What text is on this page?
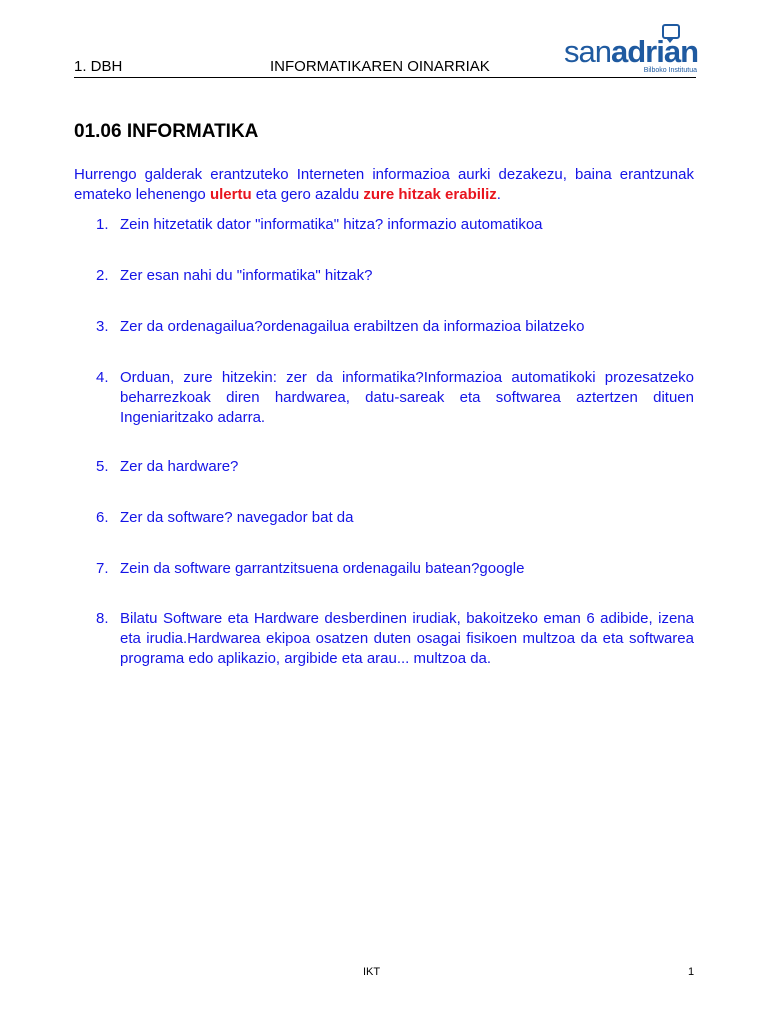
1. DBH	INFORMATIKAREN OINARRIAK sanadrian
Bilboko Institutua
01.06 INFORMATIKA
Hurrengo galderak erantzuteko Interneten informazioa aurki dezakezu, baina erantzunak emateko lehenengo ulertu eta gero azaldu zure hitzak erabiliz.
1. Zein hitzetatik dator "informatika" hitza? informazio automatikoa
2. Zer esan nahi du "informatika" hitzak?
3. Zer da ordenagailua?ordenagailua erabiltzen da informazioa bilatzeko
4. Orduan, zure hitzekin: zer da informatika?Informazioa automatikoki prozesatzeko beharrezkoak diren hardwarea, datu-sareak eta softwarea aztertzen dituen Ingeniaritzako adarra.
5. Zer da hardware?
6. Zer da software? navegador bat da
7. Zein da software garrantzitsuena ordenagailu batean?google
8. Bilatu Software eta Hardware desberdinen irudiak, bakoitzeko eman 6 adibide, izena eta irudia.Hardwarea ekipoa osatzen duten osagai fisikoen multzoa da eta softwarea programa edo aplikazio, argibide eta arau... multzoa da.
IKT	1
